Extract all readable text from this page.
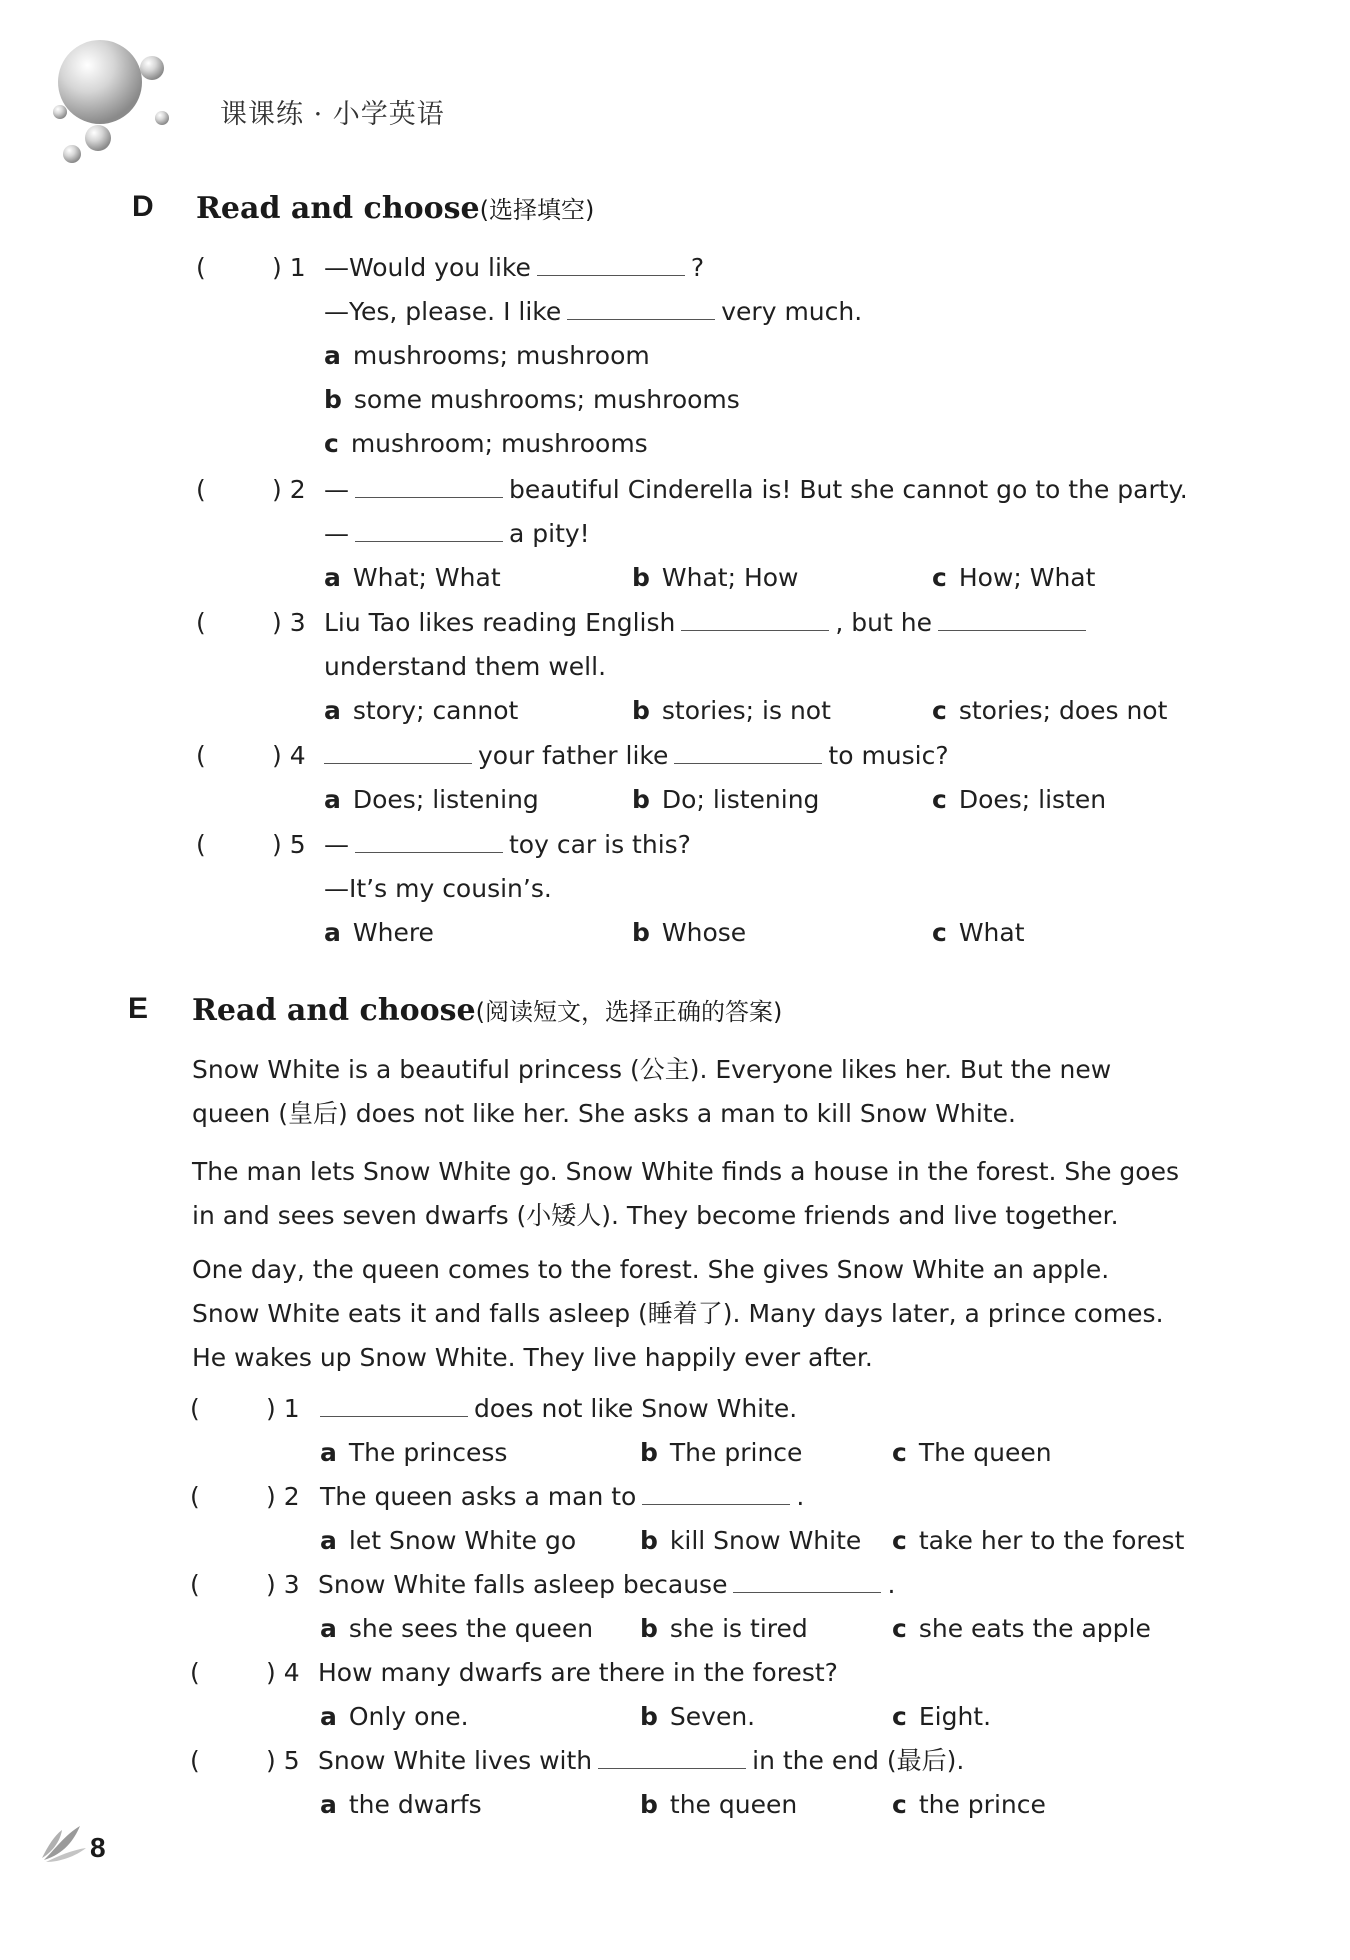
课课练 · 小学英语
D Read and choose(选择填空)
(	) 1 —Would you like	?
—Yes, please. I like	very much.
a mushrooms; mushroom
b some mushrooms; mushrooms
c mushroom; mushrooms
(	) 2 —	beautiful Cinderella is! But she cannot go to the party.
—	a pity!
a What; What	b What; How	c How; What
(	) 3 Liu Tao likes reading English	, but he
understand them well.
a story; cannot	b stories; is not	c stories; does not
(	) 4	your father like	to music?
a Does; listening	b Do; listening	c Does; listen
(	) 5 —	toy car is this?
—It’s my cousin’s.
a Where	b Whose	c What
E Read and choose(阅读短文，选择正确的答案)
Snow White is a beautiful princess (公主). Everyone likes her. But the new queen (皇后) does not like her. She asks a man to kill Snow White.
The man lets Snow White go. Snow White finds a house in the forest. She goes in and sees seven dwarfs (小矮人). They become friends and live together.
One day, the queen comes to the forest. She gives Snow White an apple. Snow White eats it and falls asleep (睡着了). Many days later, a prince comes. He wakes up Snow White. They live happily ever after.
(	) 1	does not like Snow White.
a The princess	b The prince	c The queen
(	) 2 The queen asks a man to	.
a let Snow White go	b kill Snow White c take her to the forest
(	) 3 Snow White falls asleep because	.
a she sees the queen b she is tired	c she eats the apple
(	) 4 How many dwarfs are there in the forest?
a Only one.	b Seven.	c Eight.
(	) 5 Snow White lives with	in the end (最后).
a the dwarfs	b the queen	c the prince
8
